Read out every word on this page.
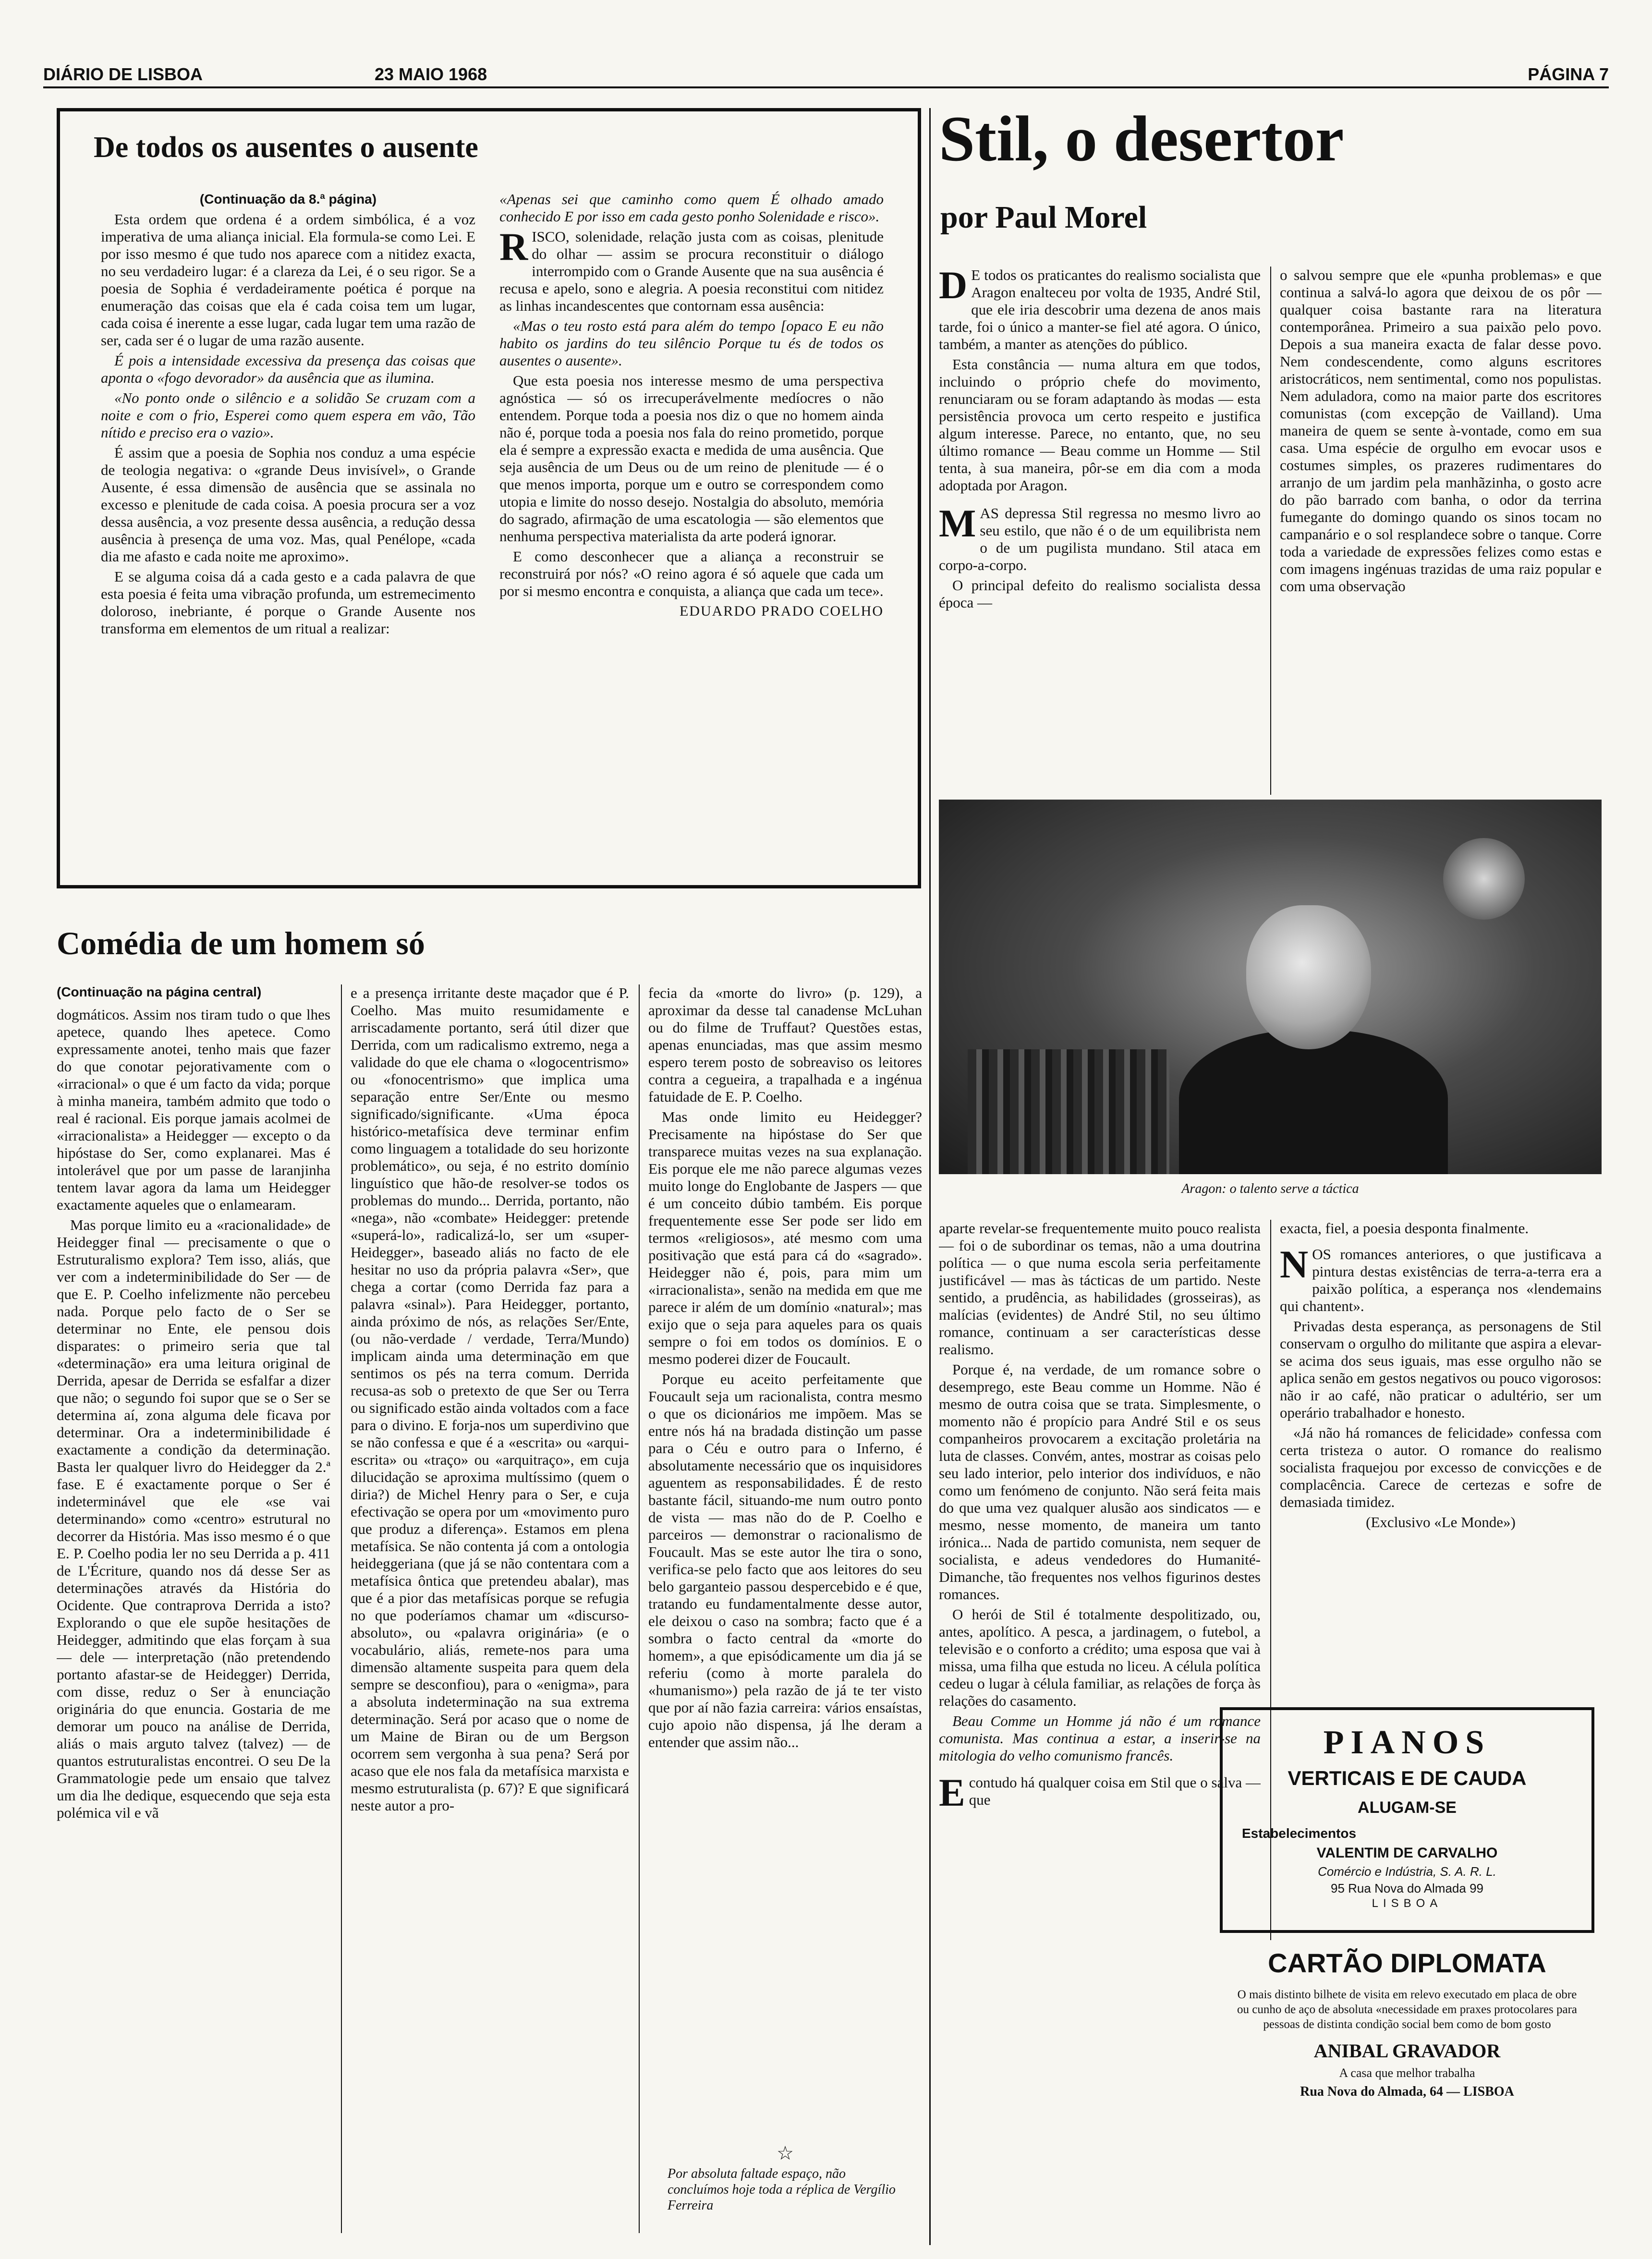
DIÁRIO DE LISBOA	23 MAIO 1968	PÁGINA 7
De todos os ausentes o ausente

(Continuação da 8.ª página)

Esta ordem que ordena é a ordem simbólica, é a voz imperativa de uma aliança inicial. Ela formula-se como Lei. E por isso mesmo é que tudo nos aparece com a nitidez exacta, no seu verdadeiro lugar: é a clareza da Lei, é o seu rigor. Se a poesia de Sophia é verdadeiramente poética é porque na enumeração das coisas que ela é cada coisa tem um lugar, cada coisa é inerente a esse lugar, cada lugar tem uma razão de ser, cada ser é o lugar de uma razão ausente.

É pois a intensidade excessiva da presença das coisas que aponta o «fogo devorador» da ausência que as ilumina.

«No ponto onde o silêncio e a solidão Se cruzam com a noite e com o frio, Esperei como quem espera em vão, Tão nítido e preciso era o vazio».

É assim que a poesia de Sophia nos conduz a uma espécie de teologia negativa: o «grande Deus invisível», o Grande Ausente, é essa dimensão de ausência que se assinala no excesso e plenitude de cada coisa. A poesia procura ser a voz dessa ausência, a voz presente dessa ausência, a redução dessa ausência à presença de uma voz. Mas, qual Penélope, «cada dia me afasto e cada noite me aproximo».

E se alguma coisa dá a cada gesto e a cada palavra de que esta poesia é feita uma vibração profunda, um estremecimento doloroso, inebriante, é porque o Grande Ausente nos transforma em elementos de um ritual a realizar:

«Apenas sei que caminho como quem É olhado amado conhecido E por isso em cada gesto ponho Solenidade e risco».

RISCO, solenidade, relação justa com as coisas, plenitude do olhar — assim se procura reconstituir o diálogo interrompido com o Grande Ausente que na sua ausência é recusa e apelo, sono e alegria. A poesia reconstitui com nitidez as linhas incandescentes que contornam essa ausência:

«Mas o teu rosto está para além do tempo [opaco E eu não habito os jardins do teu silêncio Porque tu és de todos os ausentes o ausente».

Que esta poesia nos interesse mesmo de uma perspectiva agnóstica — só os irrecuperávelmente medíocres o não entendem. Porque toda a poesia nos diz o que no homem ainda não é, porque toda a poesia nos fala do reino prometido, porque ela é sempre a expressão exacta e medida de uma ausência. Que seja ausência de um Deus ou de um reino de plenitude — é o que menos importa, porque um e outro se correspondem como utopia e limite do nosso desejo. Nostalgia do absoluto, memória do sagrado, afirmação de uma escatologia — são elementos que nenhuma perspectiva materialista da arte poderá ignorar.

E como desconhecer que a aliança a reconstruir se reconstruirá por nós? «O reino agora é só aquele que cada um por si mesmo encontra e conquista, a aliança que cada um tece».

EDUARDO PRADO COELHO
Stil, o desertor
por Paul Morel

D E todos os praticantes do realismo socialista que Aragon enalteceu por volta de 1935, André Stil, que ele iria descobrir uma dezena de anos mais tarde, foi o único a manter-se fiel até agora. O único, também, a manter as atenções do público.

Esta constância — numa altura em que todos, incluindo o próprio chefe do movimento, renunciaram ou se foram adaptando às modas — esta persistência provoca um certo respeito e justifica algum interesse. Parece, no entanto, que, no seu último romance — Beau comme un Homme — Stil tenta, à sua maneira, pôr-se em dia com a moda adoptada por Aragon.

MAS depressa Stil regressa no mesmo livro ao seu estilo, que não é o de um equilibrista nem o de um pugilista mundano. Stil ataca em corpo-a-corpo.

O principal defeito do realismo socialista dessa época —

o salvou sempre que ele «punha problemas» e que continua a salvá-lo agora que deixou de os pôr — qualquer coisa bastante rara na literatura contemporânea. Primeiro a sua paixão pelo povo. Depois a sua maneira exacta de falar desse povo. Nem condescendente, como alguns escritores aristocráticos, nem sentimental, como nos populistas. Nem aduladora, como na maior parte dos escritores comunistas (com excepção de Vailland). Uma maneira de quem se sente à-vontade, como em sua casa. Uma espécie de orgulho em evocar usos e costumes simples, os prazeres rudimentares do arranjo de um jardim pela manhãzinha, o gosto acre do pão barrado com banha, o odor da terrina fumegante do domingo quando os sinos tocam no campanário e o sol resplandece sobre o tanque. Corre toda a variedade de expressões felizes como estas e com imagens ingénuas trazidas de uma raiz popular e com uma observação

Aragon: o talento serve a táctica

aparte revelar-se frequentemente muito pouco realista — foi o de subordinar os temas, não a uma doutrina política — o que numa escola seria perfeitamente justificável — mas às tácticas de um partido. Neste sentido, a prudência, as habilidades (grosseiras), as malícias (evidentes) de André Stil, no seu último romance, continuam a ser características desse realismo.

Porque é, na verdade, de um romance sobre o desemprego, este Beau comme un Homme. Não é mesmo de outra coisa que se trata. Simplesmente, o momento não é propício para André Stil e os seus companheiros provocarem a excitação proletária na luta de classes. Convém, antes, mostrar as coisas pelo seu lado interior, pelo interior dos indivíduos, e não como um fenómeno de conjunto. Não será feita mais do que uma vez qualquer alusão aos sindicatos — e mesmo, nesse momento, de maneira um tanto irónica... Nada de partido comunista, nem sequer de socialista, e adeus vendedores do Humanité-Dimanche, tão frequentes nos velhos figurinos destes romances.

O herói de Stil é totalmente despolitizado, ou, antes, apolítico. A pesca, a jardinagem, o futebol, a televisão e o conforto a crédito; uma esposa que vai à missa, uma filha que estuda no liceu. A célula política cedeu o lugar à célula familiar, as relações de força às relações do casamento.

Beau Comme un Homme já não é um romance comunista. Mas continua a estar, a inserir-se na mitologia do velho comunismo francês.

Econtudo há qualquer coisa em Stil que o salva — que

exacta, fiel, a poesia desponta finalmente.

NOS romances anteriores, o que justificava a pintura destas existências de terra-a-terra era a paixão política, a esperança nos «lendemains qui chantent».

Privadas desta esperança, as personagens de Stil conservam o orgulho do militante que aspira a elevar-se acima dos seus iguais, mas esse orgulho não se aplica senão em gestos negativos ou pouco vigorosos: não ir ao café, não praticar o adultério, ser um operário trabalhador e honesto.

«Já não há romances de felicidade» confessa com certa tristeza o autor. O romance do realismo socialista fraquejou por excesso de convicções e de complacência. Carece de certezas e sofre de demasiada timidez.

(Exclusivo «Le Monde»)

PIANOS
VERTICAIS E DE CAUDA
ALUGAM-SE
Estabelecimentos
VALENTIM DE CARVALHO
Comércio e Indústria, S. A. R. L.
95 Rua Nova do Almada 99
LISBOA
CARTÃO DIPLOMATA
O mais distinto bilhete de visita em relevo executado em placa de obre ou cunho de aço de absoluta «necessidade em praxes protocolares para pessoas de distinta condição social bem como de bom gosto
ANIBAL GRAVADOR
A casa que melhor trabalha
Rua Nova do Almada, 64 — LISBOA
Comédia de um homem só
(Continuação na página central)

dogmáticos. Assim nos tiram tudo o que lhes apetece, quando lhes apetece. Como expressamente anotei, tenho mais que fazer do que conotar pejorativamente com o «irracional» o que é um facto da vida; porque à minha maneira, também admito que todo o real é racional. Eis porque jamais acolmei de «irracionalista» a Heidegger — excepto o da hipóstase do Ser, como explanarei. Mas é intolerável que por um passe de laranjinha tentem lavar agora da lama um Heidegger exactamente aqueles que o enlamearam.

Mas porque limito eu a «racionalidade» de Heidegger final — precisamente o que o Estruturalismo explora? Tem isso, aliás, que ver com a indeterminibilidade do Ser — de que E. P. Coelho infelizmente não percebeu nada. Porque pelo facto de o Ser se determinar no Ente, ele pensou dois disparates: o primeiro seria que tal «determinação» era uma leitura original de Derrida, apesar de Derrida se esfalfar a dizer que não; o segundo foi supor que se o Ser se determina aí, zona alguma dele ficava por determinar. Ora a indeterminibilidade é exactamente a condição da determinação. Basta ler qualquer livro do Heidegger da 2.ª fase. E é exactamente porque o Ser é indeterminável que ele «se vai determinando» como «centro» estrutural no decorrer da História. Mas isso mesmo é o que E. P. Coelho podia ler no seu Derrida a p. 411 de L'Écriture, quando nos dá desse Ser as determinações através da História do Ocidente. Que contraprova Derrida a isto? Explorando o que ele supõe hesitações de Heidegger, admitindo que elas forçam à sua — dele — interpretação (não pretendendo portanto afastar-se de Heidegger) Derrida, com disse, reduz o Ser à enunciação originária do que enuncia. Gostaria de me demorar um pouco na análise de Derrida, aliás o mais arguto talvez (talvez) — de quantos estruturalistas encontrei. O seu De la Grammatologie pede um ensaio que talvez um dia lhe dedique, esquecendo que seja esta polémica vil e vã

e a presença irritante deste maçador que é P. Coelho. Mas muito resumidamente e arriscadamente portanto, será útil dizer que Derrida, com um radicalismo extremo, nega a validade do que ele chama o «logocentrismo» ou «fonocentrismo» que implica uma separação entre Ser/Ente ou mesmo significado/significante. «Uma época histórico-metafísica deve terminar enfim como linguagem a totalidade do seu horizonte problemático», ou seja, é no estrito domínio linguístico que hão-de resolver-se todos os problemas do mundo... Derrida, portanto, não «nega», não «combate» Heidegger: pretende «superá-lo», radicalizá-lo, ser um «super-Heidegger», baseado aliás no facto de ele hesitar no uso da própria palavra «Ser», que chega a cortar (como Derrida faz para a palavra «sinal»). Para Heidegger, portanto, ainda próximo de nós, as relações Ser/Ente, (ou não-verdade / verdade, Terra/Mundo) implicam ainda uma determinação em que sentimos os pés na terra comum. Derrida recusa-as sob o pretexto de que Ser ou Terra ou significado estão ainda voltados com a face para o divino. E forja-nos um superdivino que se não confessa e que é a «escrita» ou «arqui-escrita» ou «traço» ou «arquitraço», em cuja dilucidação se aproxima multíssimo (quem o diria?) de Michel Henry para o Ser, e cuja efectivação se opera por um «movimento puro que produz a diferença». Estamos em plena metafísica. Se não contenta já com a ontologia heideggeriana (que já se não contentara com a metafísica ôntica que pretendeu abalar), mas que é a pior das metafísicas porque se refugia no que poderíamos chamar um «discurso-absoluto», ou «palavra originária» (e o vocabulário, aliás, remete-nos para uma dimensão altamente suspeita para quem dela sempre se desconfiou), para o «enigma», para a absoluta indeterminação na sua extrema determinação. Será por acaso que o nome de um Maine de Biran ou de um Bergson ocorrem sem vergonha à sua pena? Será por acaso que ele nos fala da metafísica marxista e mesmo estruturalista (p. 67)? E que significará neste autor a pro-

fecia da «morte do livro» (p. 129), a aproximar da desse tal canadense McLuhan ou do filme de Truffaut? Questões estas, apenas enunciadas, mas que assim mesmo espero terem posto de sobreaviso os leitores contra a cegueira, a trapalhada e a ingénua fatuidade de E. P. Coelho.

Mas onde limito eu Heidegger? Precisamente na hipóstase do Ser que transparece muitas vezes na sua explanação. Eis porque ele me não parece algumas vezes muito longe do Englobante de Jaspers — que é um conceito dúbio também. Eis porque frequentemente esse Ser pode ser lido em termos «religiosos», até mesmo com uma positivação que está para cá do «sagrado». Heidegger não é, pois, para mim um «irracionalista», senão na medida em que me parece ir além de um domínio «natural»; mas exijo que o seja para aqueles para os quais sempre o foi em todos os domínios. E o mesmo poderei dizer de Foucault.

Porque eu aceito perfeitamente que Foucault seja um racionalista, contra mesmo o que os dicionários me impõem. Mas se entre nós há na bradada distinção um passe para o Céu e outro para o Inferno, é absolutamente necessário que os inquisidores aguentem as responsabilidades. É de resto bastante fácil, situando-me num outro ponto de vista — mas não do de P. Coelho e parceiros — demonstrar o racionalismo de Foucault. Mas se este autor lhe tira o sono, verifica-se pelo facto que aos leitores do seu belo garganteio passou despercebido e é que, tratando eu fundamentalmente desse autor, ele deixou o caso na sombra; facto que é a sombra o facto central da «morte do homem», a que episódicamente um dia já se referiu (como à morte paralela do «humanismo») pela razão de já te ter visto que por aí não fazia carreira: vários ensaístas, cujo apoio não dispensa, já lhe deram a entender que assim não...

☆
Por absoluta faltade espaço, não concluímos hoje toda a réplica de Vergílio Ferreira
